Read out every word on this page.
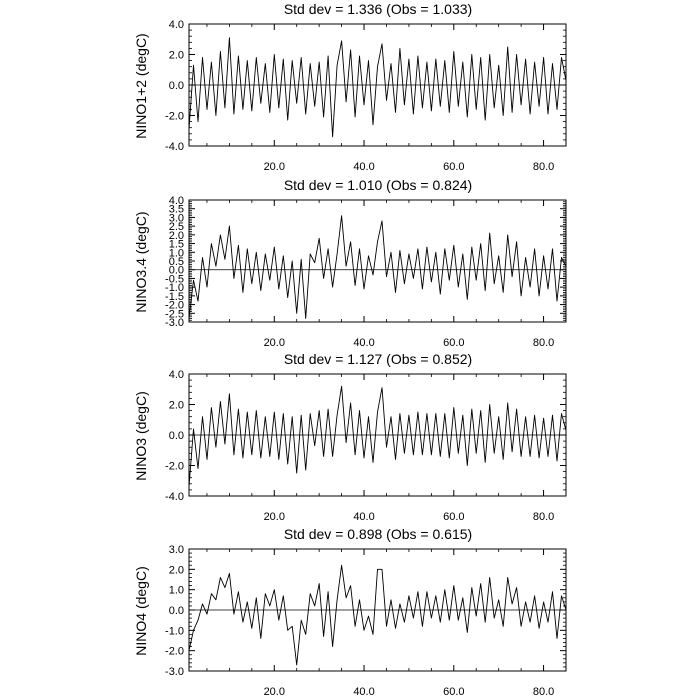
Std dev = 1.336 (Obs = 1.033)
NINO1+2 (degC)
20.0	40.0	60.0	80.0
-4.0
-2.0
0.0
2.0
4.0
Std dev = 1.010 (Obs = 0.824)
NINO3.4 (degC)
20.0	40.0	60.0	80.0
-3.0
-2.5
-2.0
-1.5
-1.0
-0.5
0.0
0.5
1.0
1.5
2.0
2.5
3.0
3.5
4.0
Std dev = 1.127 (Obs = 0.852)
NINO3 (degC)
20.0	40.0	60.0	80.0
-4.0
-2.0
0.0
2.0
4.0
Std dev = 0.898 (Obs = 0.615)
NINO4 (degC)
20.0	40.0	60.0	80.0
-3.0
-2.0
-1.0
0.0
1.0
2.0
3.0
